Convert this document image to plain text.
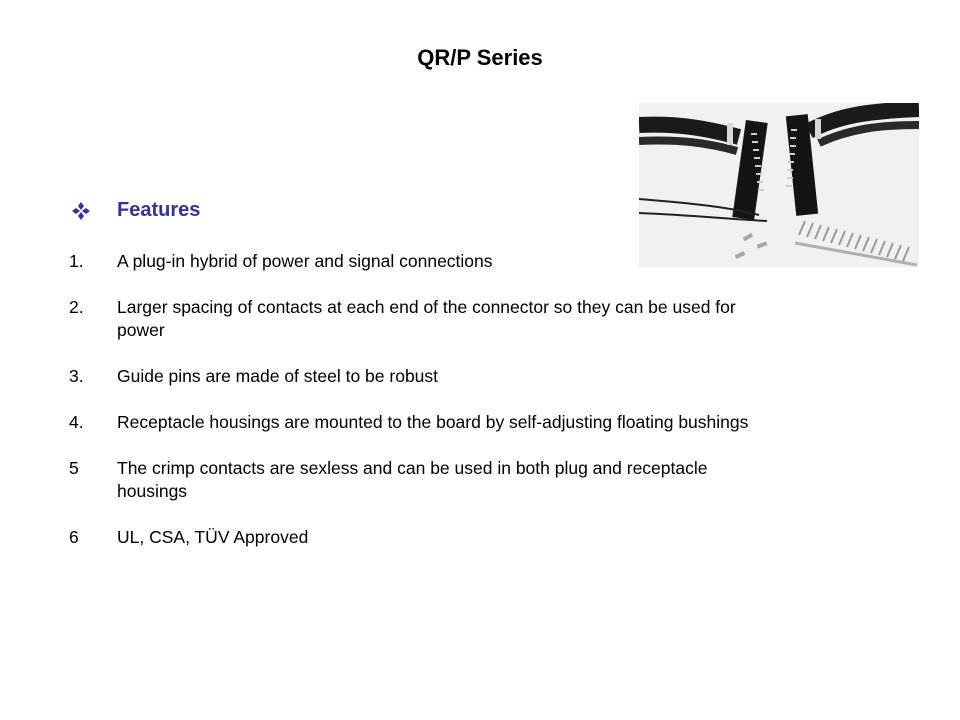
QR/P Series
Features
1.	A plug-in hybrid of power and signal connections
2.	Larger spacing of contacts at each end of the connector so they can be used for power
3.	Guide pins are made of steel to be robust
4.	Receptacle housings are mounted to the board by self-adjusting floating bushings
5	The crimp contacts are sexless and can be used in both plug and receptacle housings
6	UL, CSA, TÜV Approved
